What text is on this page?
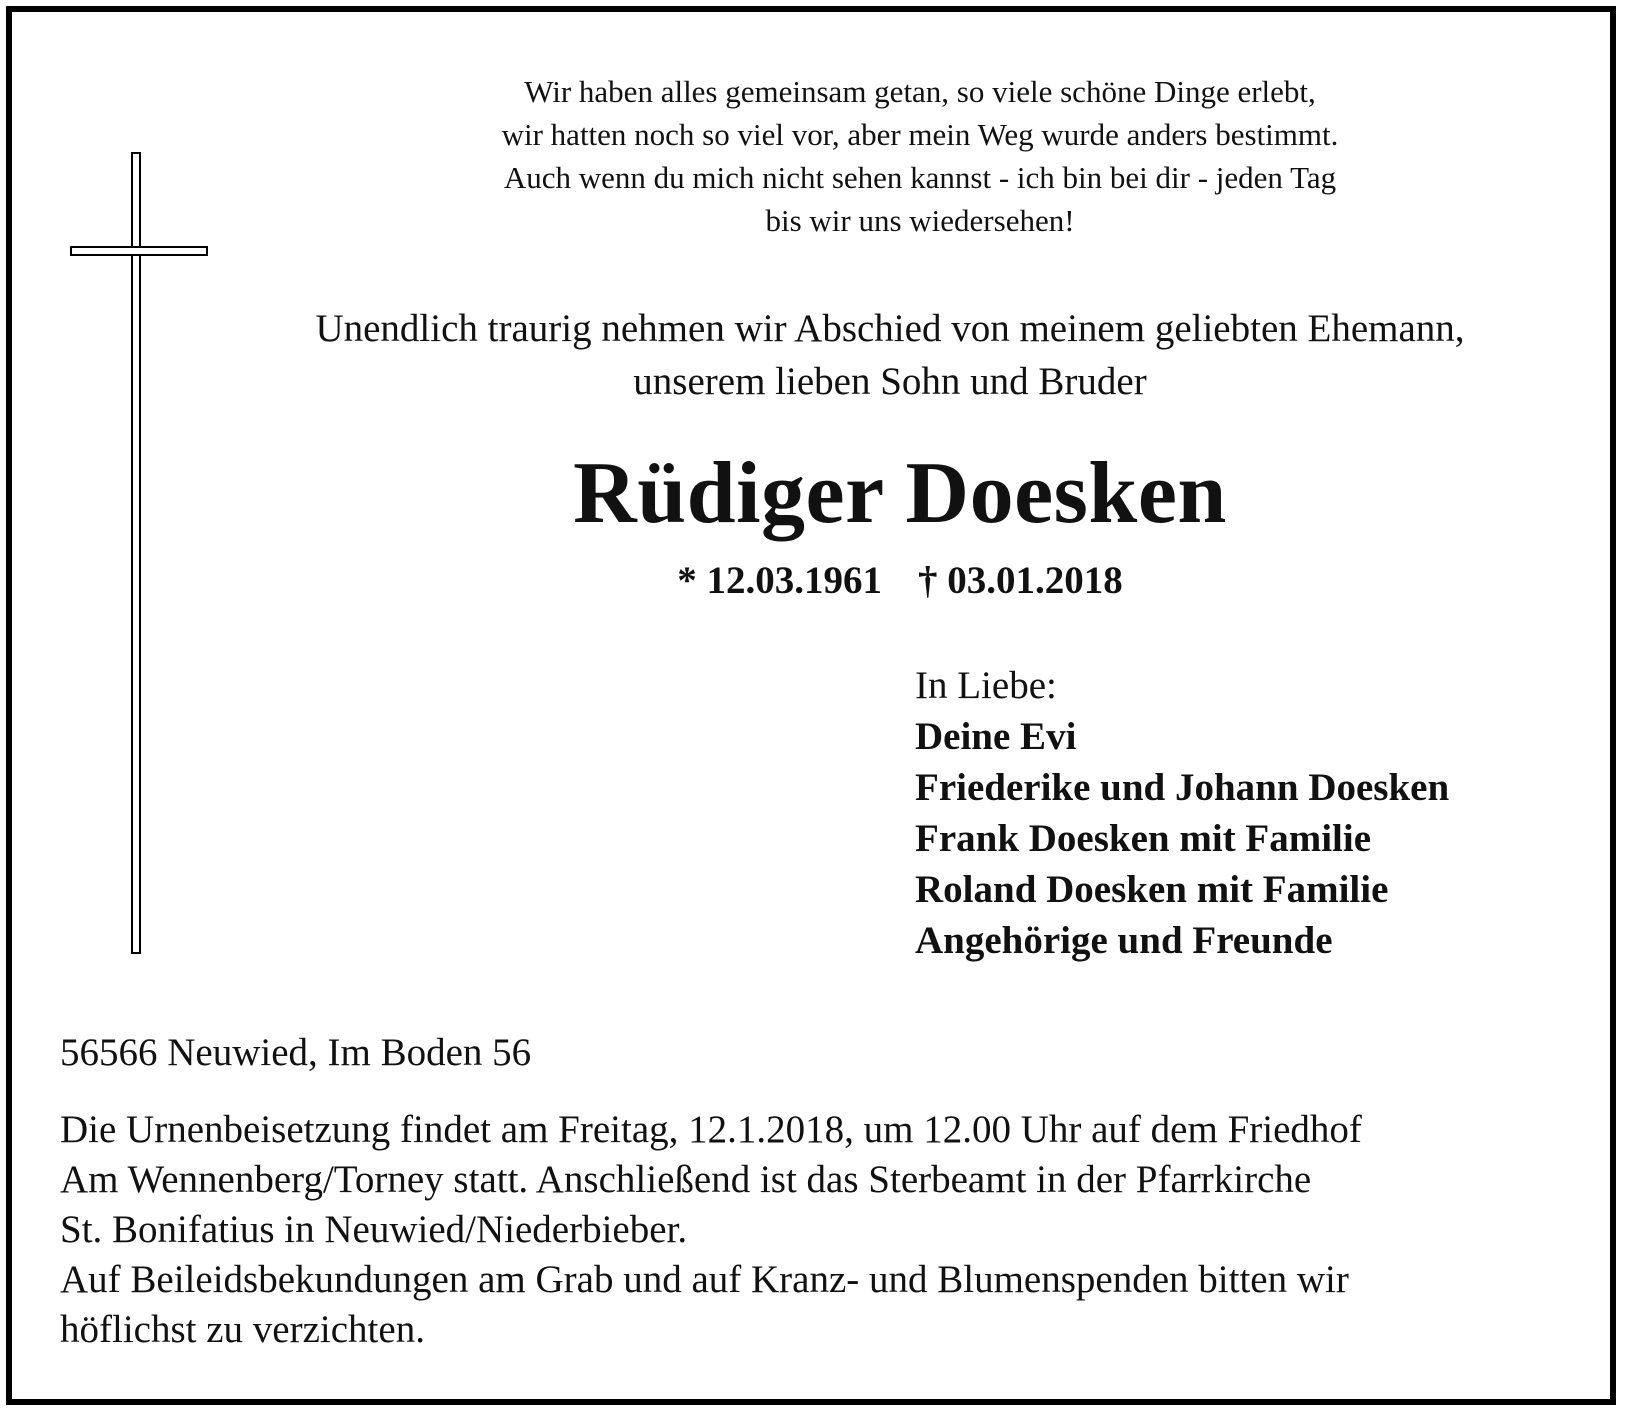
Wir haben alles gemeinsam getan, so viele schöne Dinge erlebt,
wir hatten noch so viel vor, aber mein Weg wurde anders bestimmt.
Auch wenn du mich nicht sehen kannst - ich bin bei dir - jeden Tag
bis wir uns wiedersehen!
Unendlich traurig nehmen wir Abschied von meinem geliebten Ehemann,
unserem lieben Sohn und Bruder
Rüdiger Doesken
* 12.03.1961 † 03.01.2018
In Liebe:
Deine Evi
Friederike und Johann Doesken
Frank Doesken mit Familie
Roland Doesken mit Familie
Angehörige und Freunde
56566 Neuwied, Im Boden 56

Die Urnenbeisetzung findet am Freitag, 12.1.2018, um 12.00 Uhr auf dem Friedhof

Am Wennenberg/Torney statt. Anschließend ist das Sterbeamt in der Pfarrkirche

St. Bonifatius in Neuwied/Niederbieber.

Auf Beileidsbekundungen am Grab und auf Kranz- und Blumenspenden bitten wir

höflichst zu verzichten.
